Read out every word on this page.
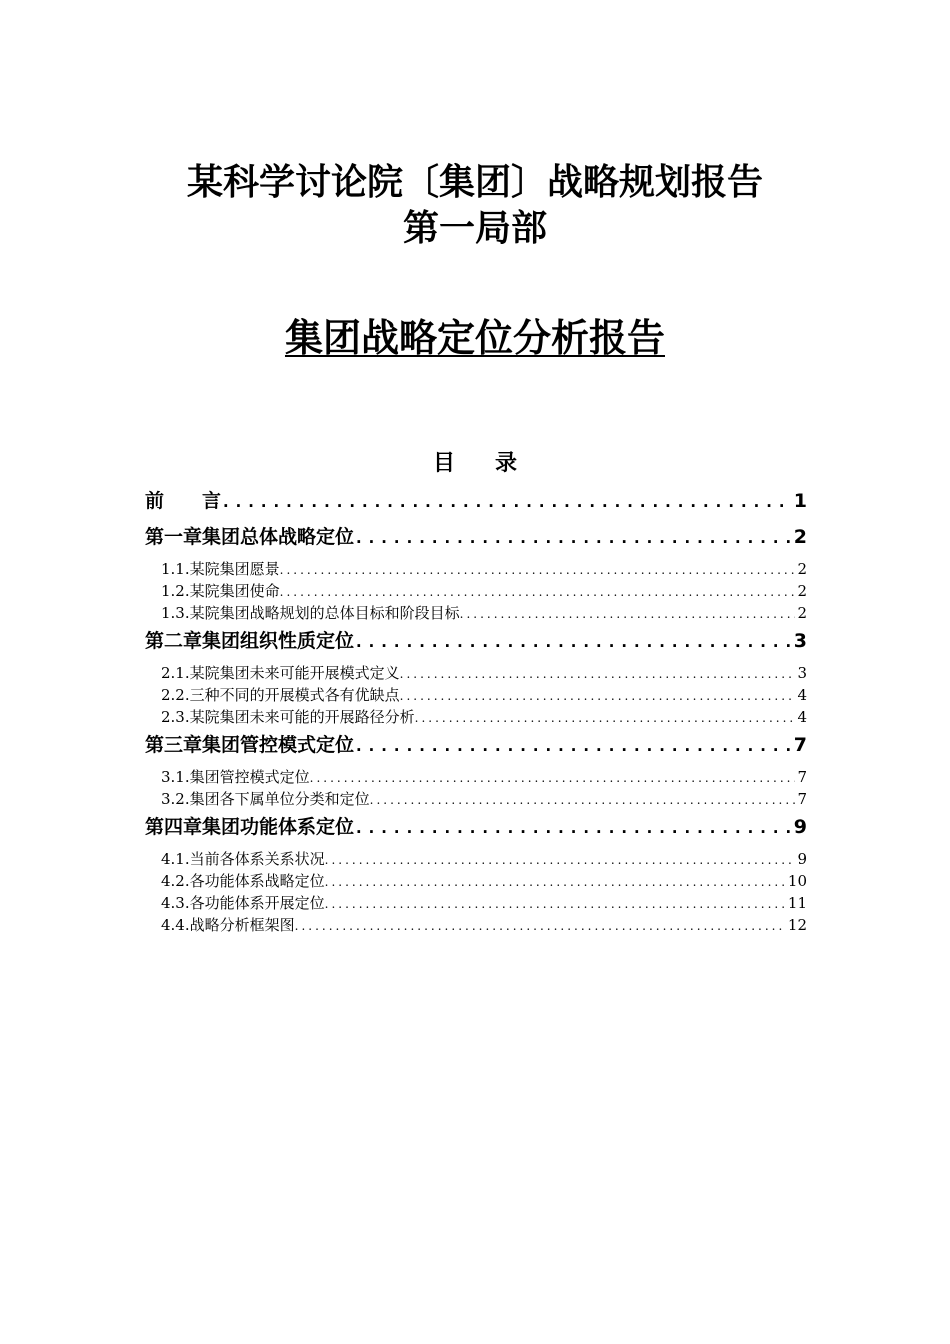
某科学讨论院〔集团〕战略规划报告
第一局部
集团战略定位分析报告
目录
前　　言 .....	1
第一章 集团总体战略定位 .....	2
1.1. 某院集团愿景 .....	2
1.2. 某院集团使命 .....	2
1.3. 某院集团战略规划的总体目标和阶段目标 .....	2
第二章 集团组织性质定位 .....	3
2.1. 某院集团未来可能开展模式定义 .....	3
2.2. 三种不同的开展模式各有优缺点 .....	4
2.3. 某院集团未来可能的开展路径分析 .....	4
第三章 集团管控模式定位 .....	7
3.1. 集团管控模式定位 .....	7
3.2. 集团各下属单位分类和定位 .....	7
第四章 集团功能体系定位 .....	9
4.1. 当前各体系关系状况 .....	9
4.2. 各功能体系战略定位 .....	10
4.3. 各功能体系开展定位 .....	11
4.4. 战略分析框架图 .....	12
